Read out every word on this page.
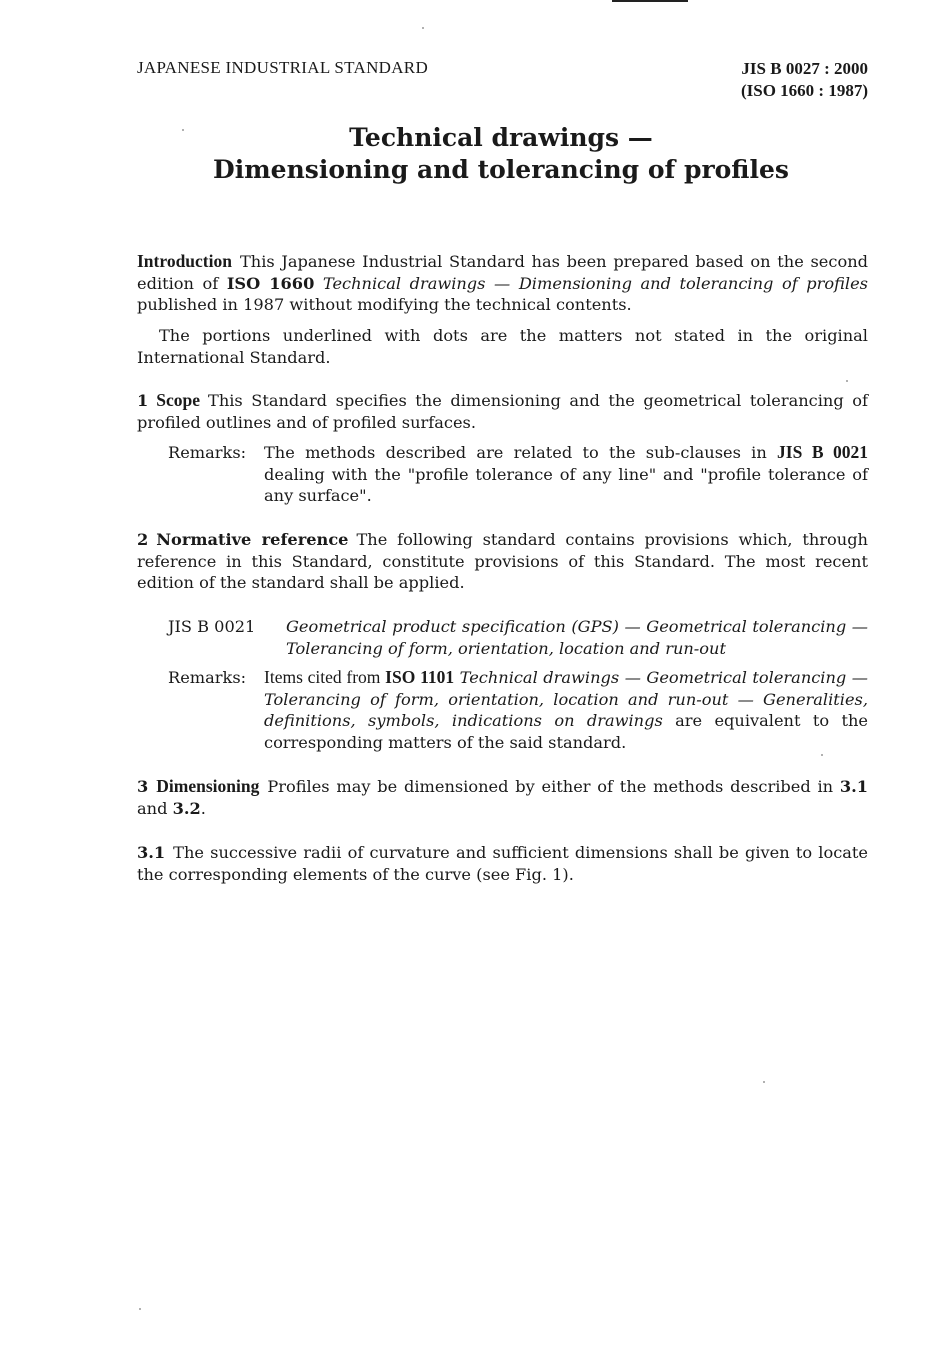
JAPANESE INDUSTRIAL STANDARD	JIS B 0027 : 2000
(ISO 1660 : 1987)
Technical drawings —
Dimensioning and tolerancing of profiles
Introduction This Japanese Industrial Standard has been prepared based on the second edition of ISO 1660 Technical drawings — Dimensioning and tolerancing of profiles published in 1987 without modifying the technical contents.
The portions underlined with dots are the matters not stated in the original International Standard.
1 Scope This Standard specifies the dimensioning and the geometrical tolerancing of profiled outlines and of profiled surfaces.
Remarks:	The methods described are related to the sub-clauses in JIS B 0021 dealing with the "profile tolerance of any line" and "profile tolerance of any surface".
2 Normative reference The following standard contains provisions which, through reference in this Standard, constitute provisions of this Standard. The most recent edition of the standard shall be applied.
JIS B 0021	Geometrical product specification (GPS) — Geometrical tolerancing — Tolerancing of form, orientation, location and run-out
Remarks:	Items cited from ISO 1101 Technical drawings — Geometrical tolerancing — Tolerancing of form, orientation, location and run-out — Generalities, definitions, symbols, indications on drawings are equivalent to the corresponding matters of the said standard.
3 Dimensioning Profiles may be dimensioned by either of the methods described in 3.1 and 3.2.
3.1 The successive radii of curvature and sufficient dimensions shall be given to locate the corresponding elements of the curve (see Fig. 1).
